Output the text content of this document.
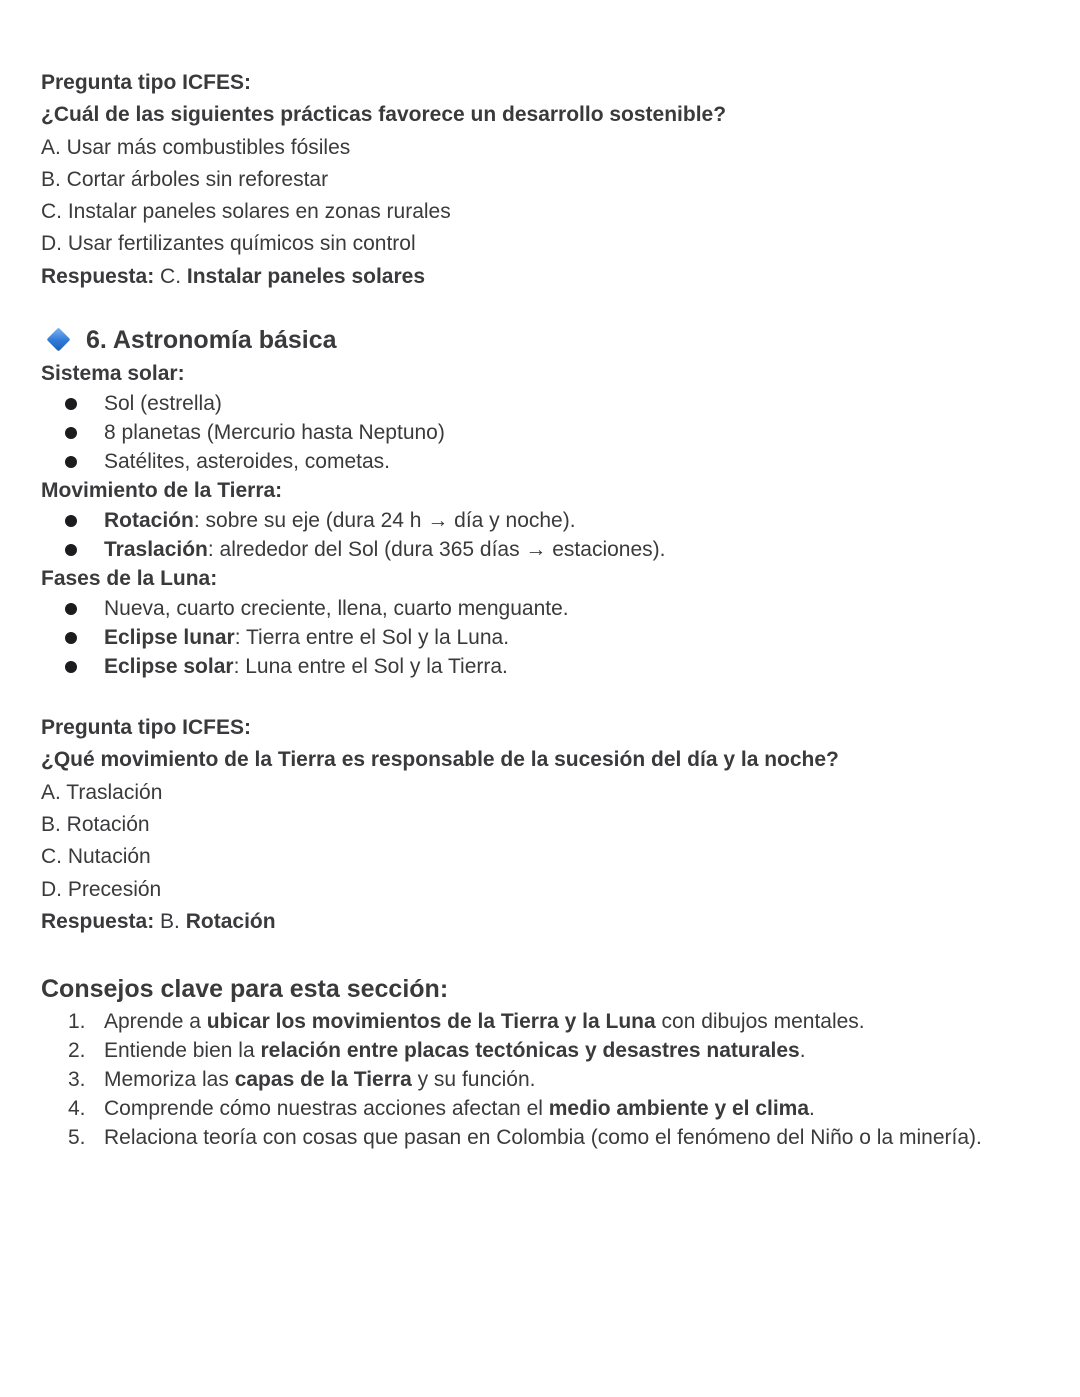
Pregunta tipo ICFES:
¿Cuál de las siguientes prácticas favorece un desarrollo sostenible?
A. Usar más combustibles fósiles
B. Cortar árboles sin reforestar
C. Instalar paneles solares en zonas rurales
D. Usar fertilizantes químicos sin control
Respuesta: C. Instalar paneles solares
6. Astronomía básica
Sistema solar:
Sol (estrella)
8 planetas (Mercurio hasta Neptuno)
Satélites, asteroides, cometas.
Movimiento de la Tierra:
Rotación: sobre su eje (dura 24 h → día y noche).
Traslación: alrededor del Sol (dura 365 días → estaciones).
Fases de la Luna:
Nueva, cuarto creciente, llena, cuarto menguante.
Eclipse lunar: Tierra entre el Sol y la Luna.
Eclipse solar: Luna entre el Sol y la Tierra.
Pregunta tipo ICFES:
¿Qué movimiento de la Tierra es responsable de la sucesión del día y la noche?
A. Traslación
B. Rotación
C. Nutación
D. Precesión
Respuesta: B. Rotación
Consejos clave para esta sección:
1. Aprende a ubicar los movimientos de la Tierra y la Luna con dibujos mentales.
2. Entiende bien la relación entre placas tectónicas y desastres naturales.
3. Memoriza las capas de la Tierra y su función.
4. Comprende cómo nuestras acciones afectan el medio ambiente y el clima.
5. Relaciona teoría con cosas que pasan en Colombia (como el fenómeno del Niño o la minería).
